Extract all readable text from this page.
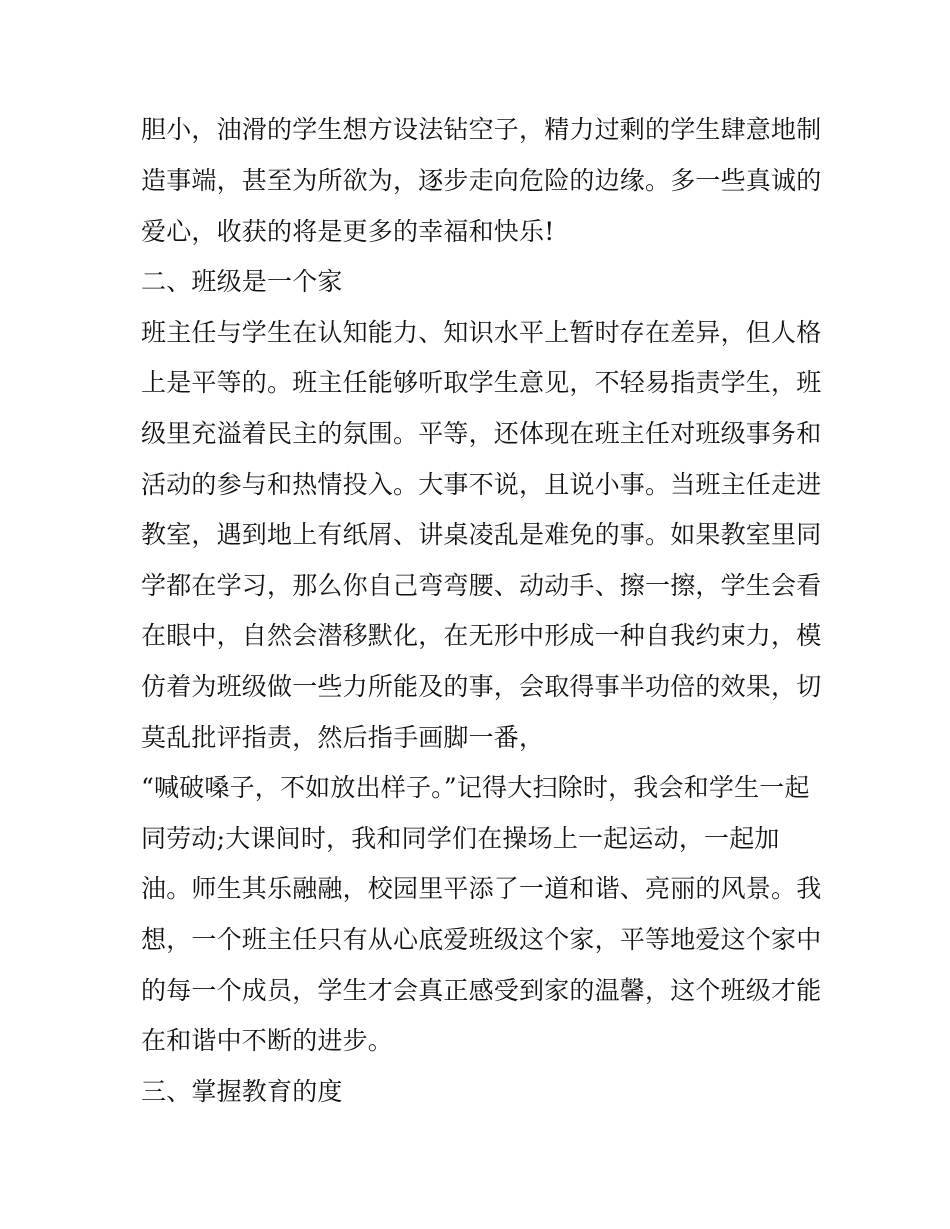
胆小，油滑的学生想方设法钻空子，精力过剩的学生肆意地制
造事端，甚至为所欲为，逐步走向危险的边缘。多一些真诚的
爱心，收获的将是更多的幸福和快乐!
二、班级是一个家
班主任与学生在认知能力、知识水平上暂时存在差异，但人格
上是平等的。班主任能够听取学生意见，不轻易指责学生，班
级里充溢着民主的氛围。平等，还体现在班主任对班级事务和
活动的参与和热情投入。大事不说，且说小事。当班主任走进
教室，遇到地上有纸屑、讲桌凌乱是难免的事。如果教室里同
学都在学习，那么你自己弯弯腰、动动手、擦一擦，学生会看
在眼中，自然会潜移默化，在无形中形成一种自我约束力，模
仿着为班级做一些力所能及的事，会取得事半功倍的效果，切
莫乱批评指责，然后指手画脚一番，
“喊破嗓子，不如放出样子。”记得大扫除时，我会和学生一起
同劳动;大课间时，我和同学们在操场上一起运动，一起加
油。师生其乐融融，校园里平添了一道和谐、亮丽的风景。我
想，一个班主任只有从心底爱班级这个家，平等地爱这个家中
的每一个成员，学生才会真正感受到家的温馨，这个班级才能
在和谐中不断的进步。
三、掌握教育的度
